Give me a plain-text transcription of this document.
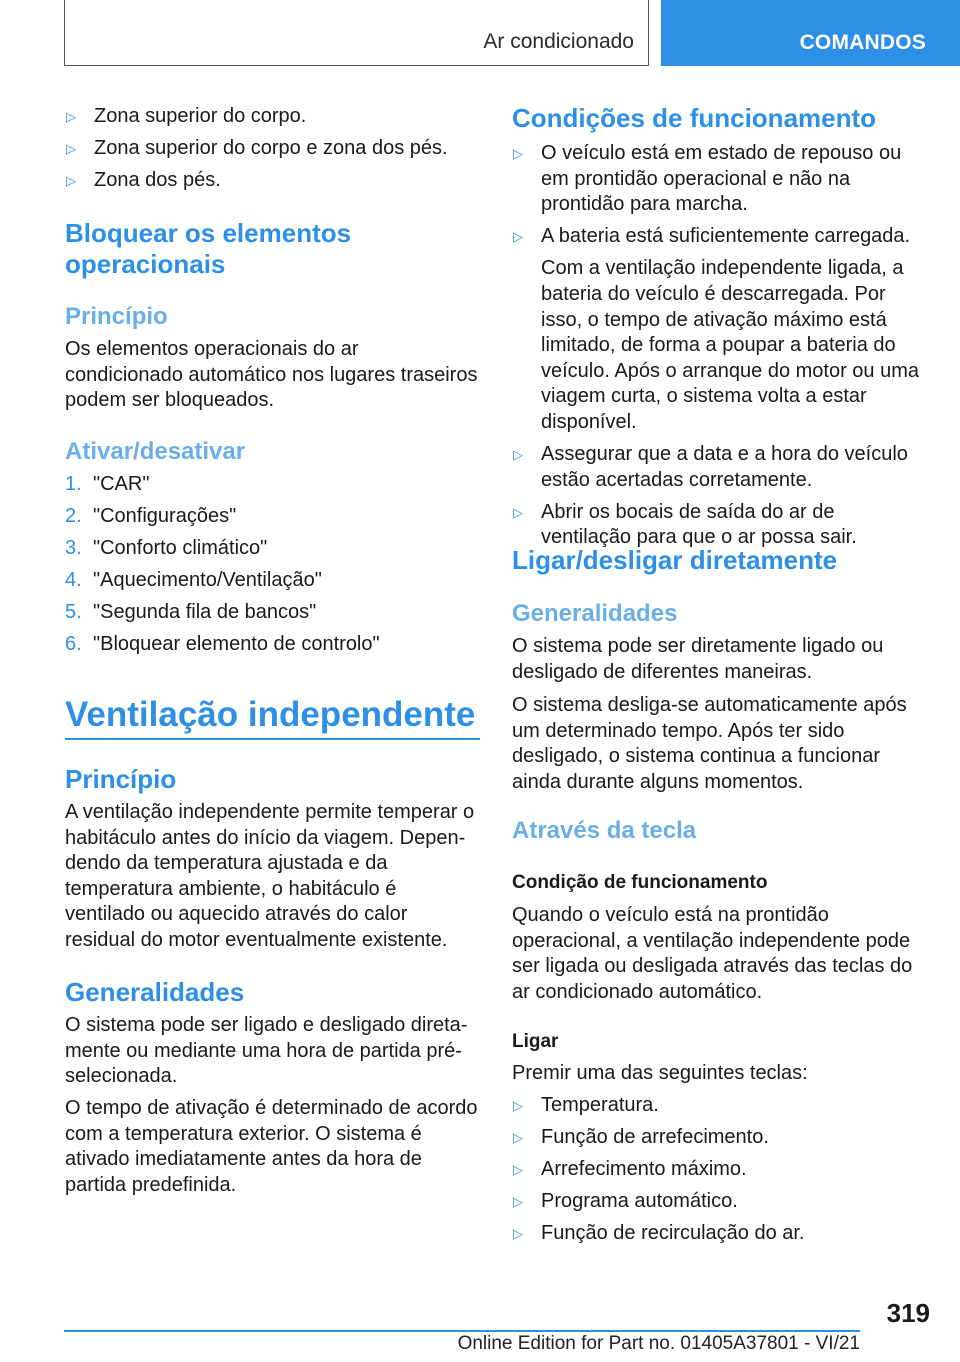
Ar condicionado	COMANDOS
▷ Zona superior do corpo.
▷ Zona superior do corpo e zona dos pés.
▷ Zona dos pés.
Bloquear os elementos operacionais
Princípio
Os elementos operacionais do ar condicionado automático nos lugares traseiros podem ser bloqueados.
Ativar/desativar
1. "CAR"
2. "Configurações"
3. "Conforto climático"
4. "Aquecimento/Ventilação"
5. "Segunda fila de bancos"
6. "Bloquear elemento de controlo"
Ventilação independente
Princípio
A ventilação independente permite temperar o habitáculo antes do início da viagem. Dependendo da temperatura ajustada e da temperatura ambiente, o habitáculo é ventilado ou aquecido através do calor residual do motor eventualmente existente.
Generalidades
O sistema pode ser ligado e desligado diretamente ou mediante uma hora de partida pré-selecionada.
O tempo de ativação é determinado de acordo com a temperatura exterior. O sistema é ativado imediatamente antes da hora de partida predefinida.
Condições de funcionamento
▷ O veículo está em estado de repouso ou em prontidão operacional e não na prontidão para marcha.
▷ A bateria está suficientemente carregada.
Com a ventilação independente ligada, a bateria do veículo é descarregada. Por isso, o tempo de ativação máximo está limitado, de forma a poupar a bateria do veículo. Após o arranque do motor ou uma viagem curta, o sistema volta a estar disponível.
▷ Assegurar que a data e a hora do veículo estão acertadas corretamente.
▷ Abrir os bocais de saída do ar de ventilação para que o ar possa sair.
Ligar/desligar diretamente
Generalidades
O sistema pode ser diretamente ligado ou desligado de diferentes maneiras.
O sistema desliga-se automaticamente após um determinado tempo. Após ter sido desligado, o sistema continua a funcionar ainda durante alguns momentos.
Através da tecla
Condição de funcionamento
Quando o veículo está na prontidão operacional, a ventilação independente pode ser ligada ou desligada através das teclas do ar condicionado automático.
Ligar
Premir uma das seguintes teclas:
▷ Temperatura.
▷ Função de arrefecimento.
▷ Arrefecimento máximo.
▷ Programa automático.
▷ Função de recirculação do ar.
319
Online Edition for Part no. 01405A37801 - VI/21
